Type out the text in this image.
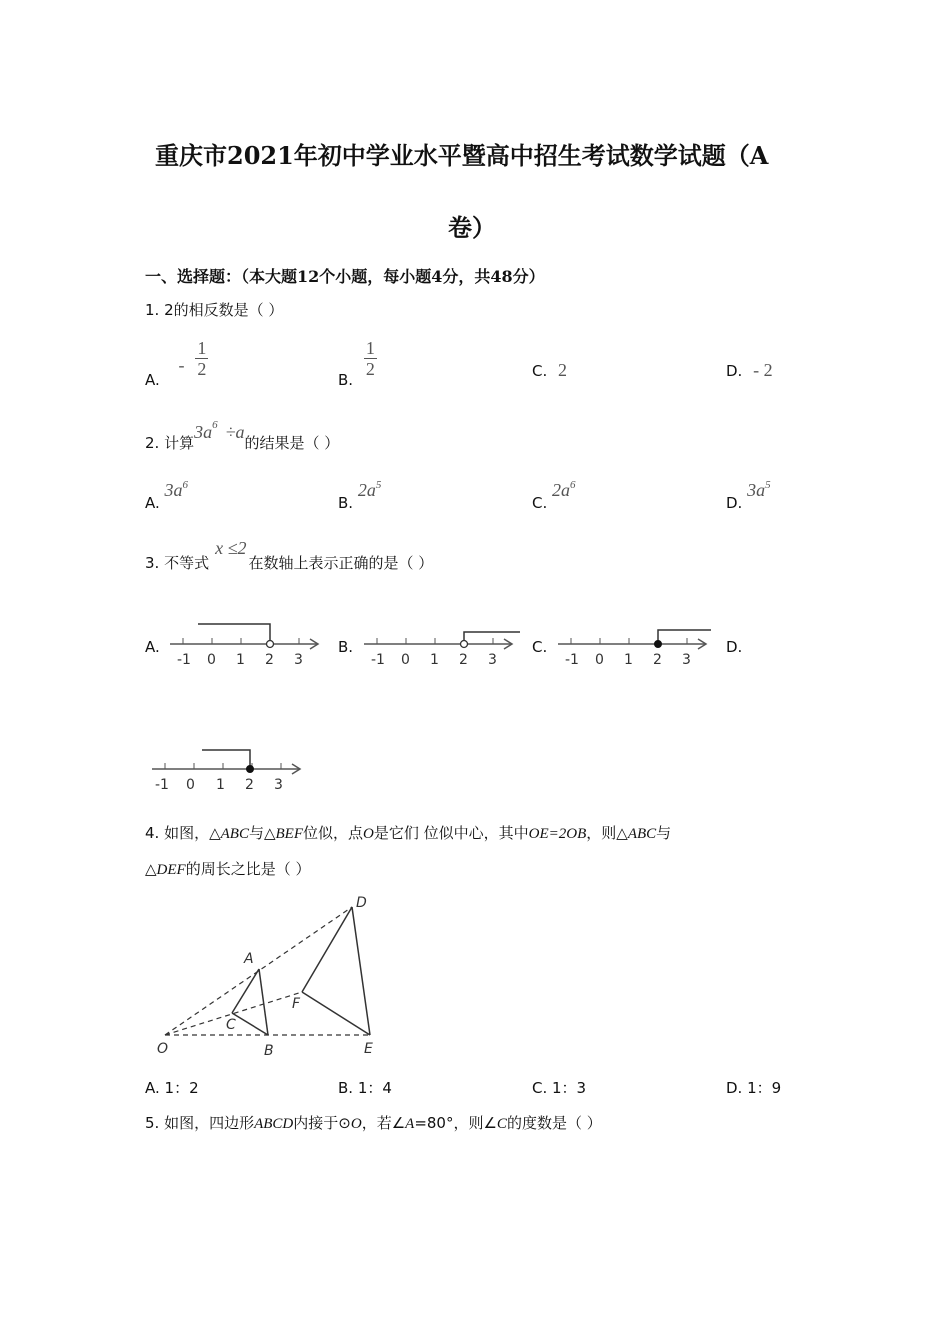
重庆市2021年初中学业水平暨高中招生考试数学试题（A
卷）
一、选择题：（本大题12个小题，每小题4分，共48分）
1. 2的相反数是（ ）
A. - $\frac{1}{2}$
B.
$\frac{1}{2}$	C. 2	D. - 2
2. 计算$3a^6 \div a$的结果是（ ）
A. $3a^6$
B. $2a^5$
C. $2a^6$
D. $3a^5$
3. 不等式x ≤2在数轴上表示正确的是（ ）
A.	B.	C.	D.
-1 0 1 2 3	-1 0 1 2 3	-1 0 1 2 3
-1 0 1 2 3
4. 如图，△ABC与△BEF位似，点O是它们 位似中心，其中OE=2OB，则△ABC与
△DEF的周长之比是（ ）
D
A
F
C
O	B	E
A. 1：2	B. 1：4	C. 1：3	D. 1：9
5. 如图，四边形ABCD内接于⊙O，若∠A=80°，则∠C的度数是（ ）
